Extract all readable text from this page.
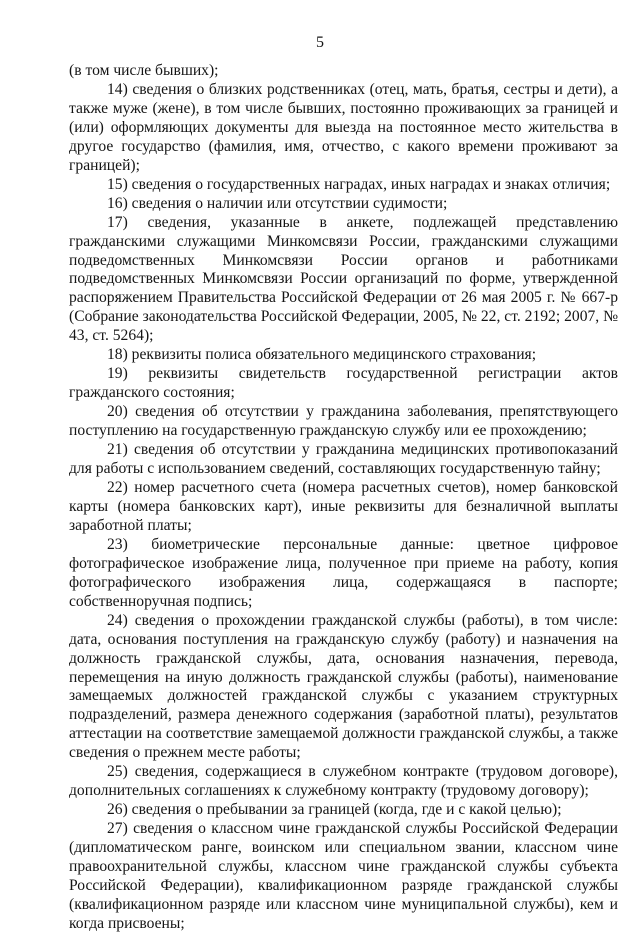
5

(в том числе бывших);

14) сведения о близких родственниках (отец, мать, братья, сестры и дети), а также муже (жене), в том числе бывших, постоянно проживающих за границей и (или) оформляющих документы для выезда на постоянное место жительства в другое государство (фамилия, имя, отчество, с какого времени проживают за границей);

15) сведения о государственных наградах, иных наградах и знаках отличия;

16) сведения о наличии или отсутствии судимости;

17) сведения, указанные в анкете, подлежащей представлению гражданскими служащими Минкомсвязи России, гражданскими служащими подведомственных Минкомсвязи России органов и работниками подведомственных Минкомсвязи России организаций по форме, утвержденной распоряжением Правительства Российской Федерации от 26 мая 2005 г. № 667-р (Собрание законодательства Российской Федерации, 2005, № 22, ст. 2192; 2007, № 43, ст. 5264);

18) реквизиты полиса обязательного медицинского страхования;

19) реквизиты свидетельств государственной регистрации актов гражданского состояния;

20) сведения об отсутствии у гражданина заболевания, препятствующего поступлению на государственную гражданскую службу или ее прохождению;

21) сведения об отсутствии у гражданина медицинских противопоказаний для работы с использованием сведений, составляющих государственную тайну;

22) номер расчетного счета (номера расчетных счетов), номер банковской карты (номера банковских карт), иные реквизиты для безналичной выплаты заработной платы;

23) биометрические персональные данные: цветное цифровое фотографическое изображение лица, полученное при приеме на работу, копия фотографического изображения лица, содержащаяся в паспорте; собственноручная подпись;

24) сведения о прохождении гражданской службы (работы), в том числе: дата, основания поступления на гражданскую службу (работу) и назначения на должность гражданской службы, дата, основания назначения, перевода, перемещения на иную должность гражданской службы (работы), наименование замещаемых должностей гражданской службы с указанием структурных подразделений, размера денежного содержания (заработной платы), результатов аттестации на соответствие замещаемой должности гражданской службы, а также сведения о прежнем месте работы;

25) сведения, содержащиеся в служебном контракте (трудовом договоре), дополнительных соглашениях к служебному контракту (трудовому договору);

26) сведения о пребывании за границей (когда, где и с какой целью);

27) сведения о классном чине гражданской службы Российской Федерации (дипломатическом ранге, воинском или специальном звании, классном чине правоохранительной службы, классном чине гражданской службы субъекта Российской Федерации), квалификационном разряде гражданской службы (квалификационном разряде или классном чине муниципальной службы), кем и когда присвоены;
